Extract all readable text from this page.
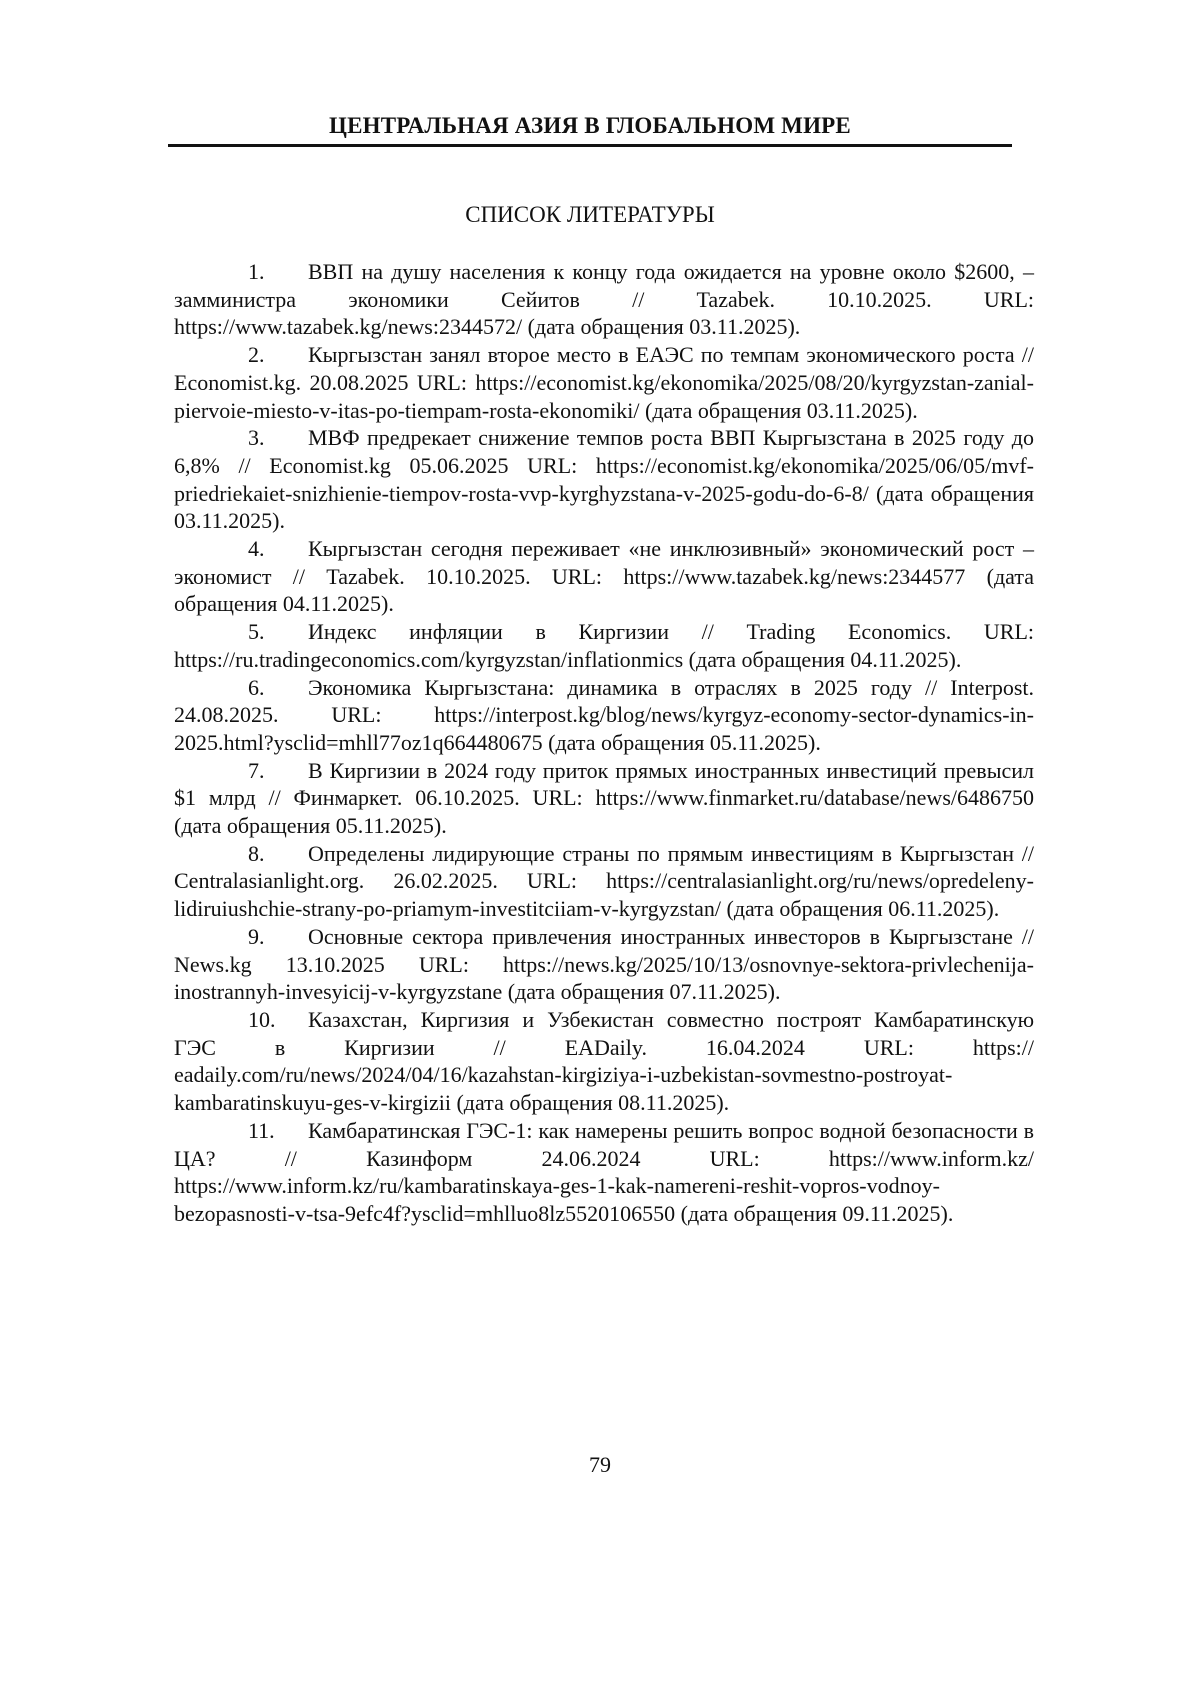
ЦЕНТРАЛЬНАЯ АЗИЯ В ГЛОБАЛЬНОМ МИРЕ
СПИСОК ЛИТЕРАТУРЫ
1. ВВП на душу населения к концу года ожидается на уровне около $2600, – замминистра экономики Сейитов // Tazabek. 10.10.2025. URL: https://www.tazabek.kg/news:2344572/ (дата обращения 03.11.2025).
2. Кыргызстан занял второе место в ЕАЭС по темпам экономического роста // Economist.kg. 20.08.2025 URL: https://economist.kg/ekonomika/2025/08/20/kyrgyzstan-zanial-piervoie-miesto-v-itas-po-tiempam-rosta-ekonomiki/ (дата обращения 03.11.2025).
3. МВФ предрекает снижение темпов роста ВВП Кыргызстана в 2025 году до 6,8% // Economist.kg 05.06.2025 URL: https://economist.kg/ekonomika/2025/06/05/mvf-priedriekaiet-snizhienie-tiempov-rosta-vvp-kyrghyzstana-v-2025-godu-do-6-8/ (дата обращения 03.11.2025).
4. Кыргызстан сегодня переживает «не инклюзивный» экономический рост – экономист // Tazabek. 10.10.2025. URL: https://www.tazabek.kg/news:2344577 (дата обращения 04.11.2025).
5. Индекс инфляции в Киргизии // Trading Economics. URL: https://ru.tradingeconomics.com/kyrgyzstan/inflationmics (дата обращения 04.11.2025).
6. Экономика Кыргызстана: динамика в отраслях в 2025 году // Interpost. 24.08.2025. URL: https://interpost.kg/blog/news/kyrgyz-economy-sector-dynamics-in-2025.html?ysclid=mhll77oz1q664480675 (дата обращения 05.11.2025).
7. В Киргизии в 2024 году приток прямых иностранных инвестиций превысил $1 млрд // Финмаркет. 06.10.2025. URL: https://www.finmarket.ru/database/news/6486750 (дата обращения 05.11.2025).
8. Определены лидирующие страны по прямым инвестициям в Кыргызстан // Centralasianlight.org. 26.02.2025. URL: https://centralasianlight.org/ru/news/opredeleny-lidiruiushchie-strany-po-priamym-investitciiam-v-kyrgyzstan/ (дата обращения 06.11.2025).
9. Основные сектора привлечения иностранных инвесторов в Кыргызстане // News.kg 13.10.2025 URL: https://news.kg/2025/10/13/osnovnye-sektora-privlechenija-inostrannyh-invesyicij-v-kyrgyzstane (дата обращения 07.11.2025).
10. Казахстан, Киргизия и Узбекистан совместно построят Камбаратинскую ГЭС в Киргизии // EADaily. 16.04.2024 URL: https:// eadaily.com/ru/news/2024/04/16/kazahstan-kirgiziya-i-uzbekistan-sovmestno-postroyat-kambaratinskuyu-ges-v-kirgizii (дата обращения 08.11.2025).
11. Камбаратинская ГЭС-1: как намерены решить вопрос водной безопасности в ЦА? // Казинформ 24.06.2024 URL: https://www.inform.kz/ https://www.inform.kz/ru/kambaratinskaya-ges-1-kak-namereni-reshit-vopros-vodnoy-bezopasnosti-v-tsa-9efc4f?ysclid=mhlluo8lz5520106550 (дата обращения 09.11.2025).
79
